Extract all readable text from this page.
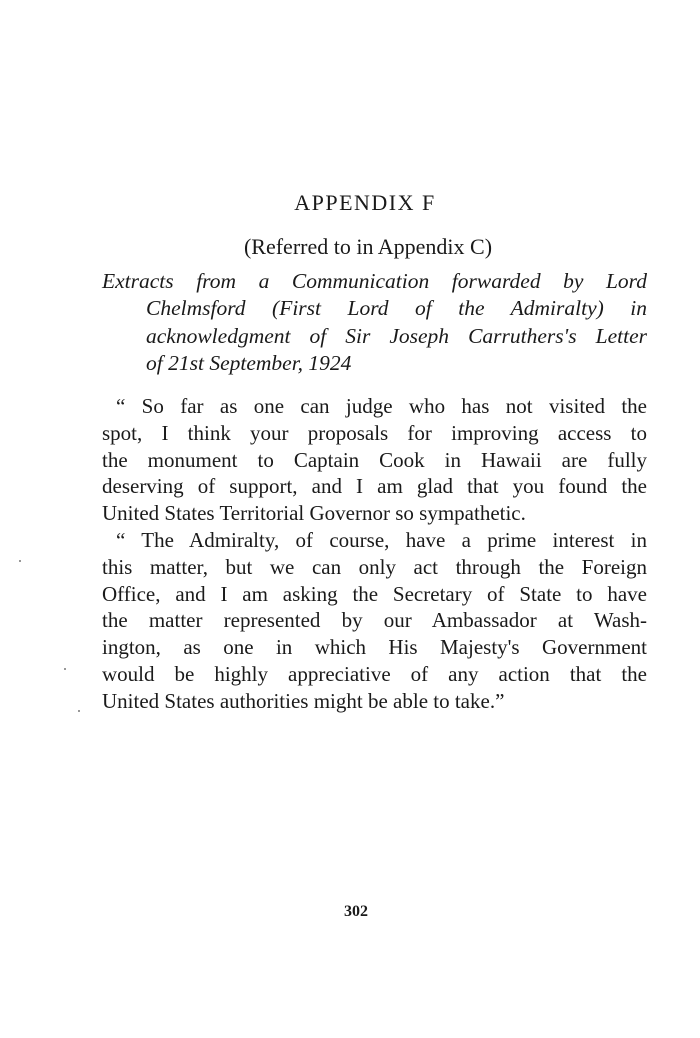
APPENDIX F
(Referred to in Appendix C)
Extracts from a Communication forwarded by Lord
Chelmsford (First Lord of the Admiralty) in
acknowledgment of Sir Joseph Carruthers's Letter
of 21st September, 1924
“ So far as one can judge who has not visited the
spot, I think your proposals for improving access to
the monument to Captain Cook in Hawaii are fully
deserving of support, and I am glad that you found the
United States Territorial Governor so sympathetic.
“ The Admiralty, of course, have a prime interest in
this matter, but we can only act through the Foreign
Office, and I am asking the Secretary of State to have
the matter represented by our Ambassador at Wash-
ington, as one in which His Majesty's Government
would be highly appreciative of any action that the
United States authorities might be able to take.”
302
